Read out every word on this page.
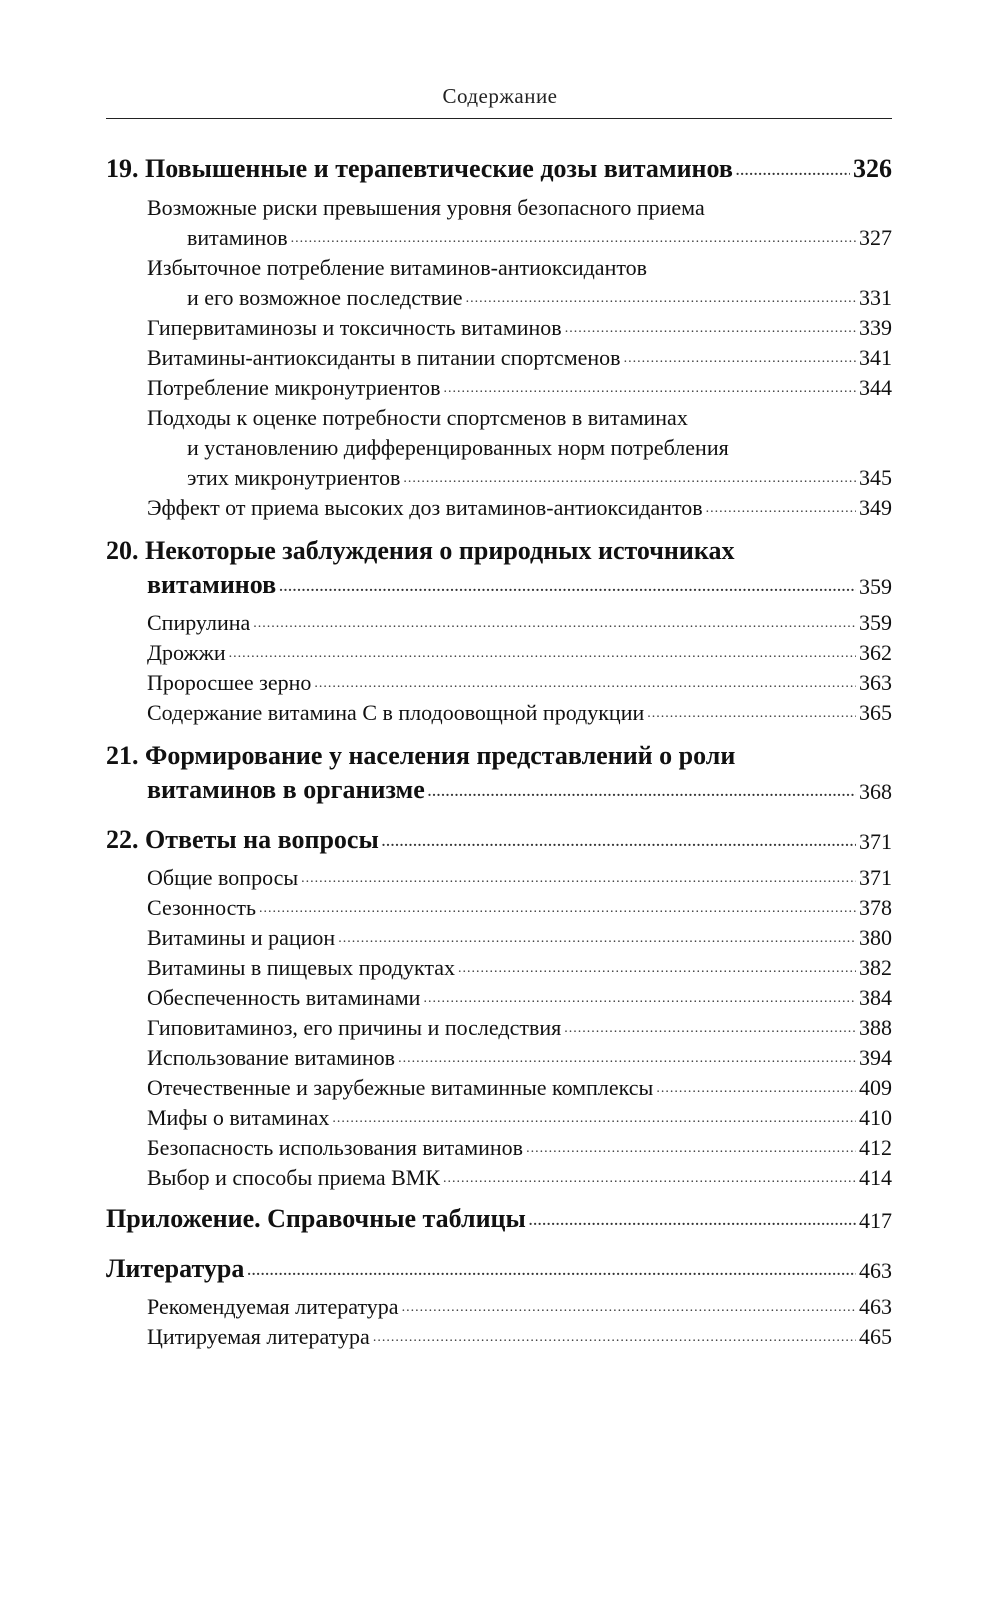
Содержание
19. Повышенные и терапевтические дозы витаминов .....	326
Возможные риски превышения уровня безопасного приема
витаминов .....	327
Избыточное потребление витаминов-антиоксидантов
и его возможное последствие .....	331
Гипервитаминозы и токсичность витаминов .....	339
Витамины-антиоксиданты в питании спортсменов .....	341
Потребление микронутриентов .....	344
Подходы к оценке потребности спортсменов в витаминах
и установлению дифференцированных норм потребления
этих микронутриентов .....	345
Эффект от приема высоких доз витаминов-антиоксидантов .....	349
20. Некоторые заблуждения о природных источниках
витаминов .....	359
Спирулина .....	359
Дрожжи .....	362
Проросшее зерно .....	363
Содержание витамина С в плодоовощной продукции .....	365
21. Формирование у населения представлений о роли
витаминов в организме .....	368
22. Ответы на вопросы .....	371
Общие вопросы .....	371
Сезонность .....	378
Витамины и рацион .....	380
Витамины в пищевых продуктах .....	382
Обеспеченность витаминами .....	384
Гиповитаминоз, его причины и последствия .....	388
Использование витаминов .....	394
Отечественные и зарубежные витаминные комплексы .....	409
Мифы о витаминах .....	410
Безопасность использования витаминов .....	412
Выбор и способы приема ВМК .....	414
Приложение. Справочные таблицы .....	417
Литература .....	463
Рекомендуемая литература .....	463
Цитируемая литература .....	465
